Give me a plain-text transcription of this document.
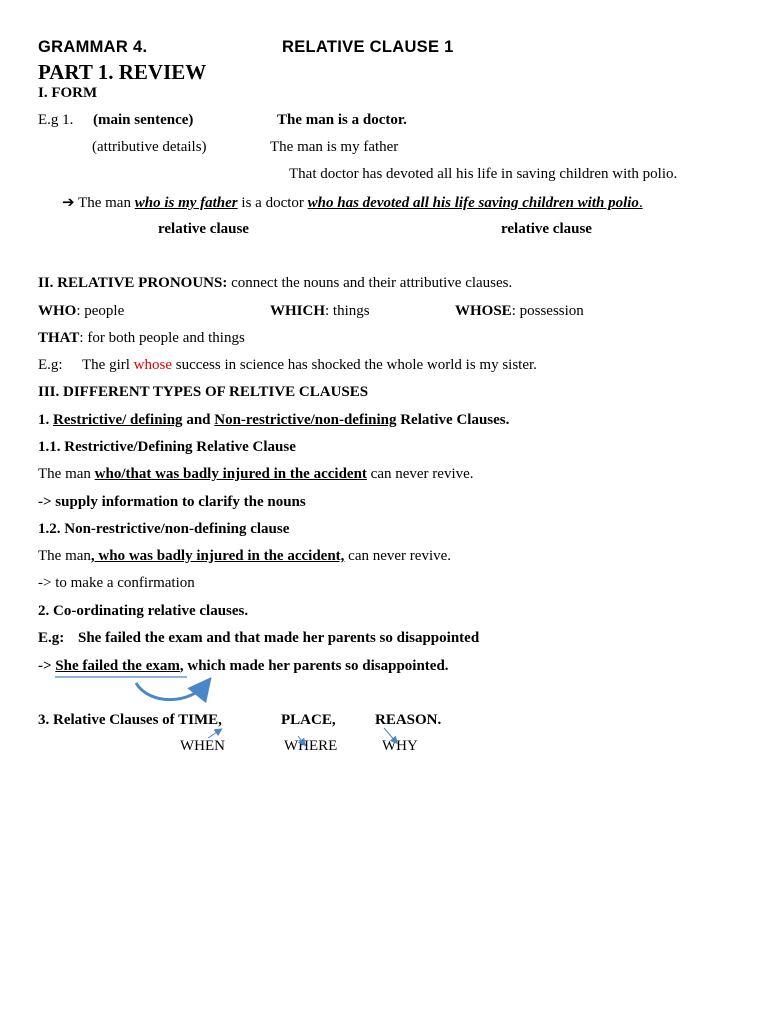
GRAMMAR 4.	RELATIVE CLAUSE 1
PART 1. REVIEW
I. FORM
E.g 1. (main sentence)	The man is a doctor.
(attributive details)	The man is my father
That doctor has devoted all his life in saving children with polio.
➔ The man who is my father is a doctor who has devoted all his life saving children with polio.
relative clause	relative clause
II. RELATIVE PRONOUNS: connect the nouns and their attributive clauses.
WHO: people	WHICH: things	WHOSE: possession
THAT: for both people and things
E.g: The girl whose success in science has shocked the whole world is my sister.
III. DIFFERENT TYPES OF RELTIVE CLAUSES
1. Restrictive/ defining and Non-restrictive/non-defining Relative Clauses.
1.1. Restrictive/Defining Relative Clause
The man who/that was badly injured in the accident can never revive.
-> supply information to clarify the nouns
1.2. Non-restrictive/non-defining clause
The man, who was badly injured in the accident, can never revive.
-> to make a confirmation
2. Co-ordinating relative clauses.
E.g: She failed the exam and that made her parents so disappointed
-> She failed the exam, which made her parents so disappointed.
3. Relative Clauses of TIME,	PLACE,	REASON.
WHEN	WHERE	WHY
